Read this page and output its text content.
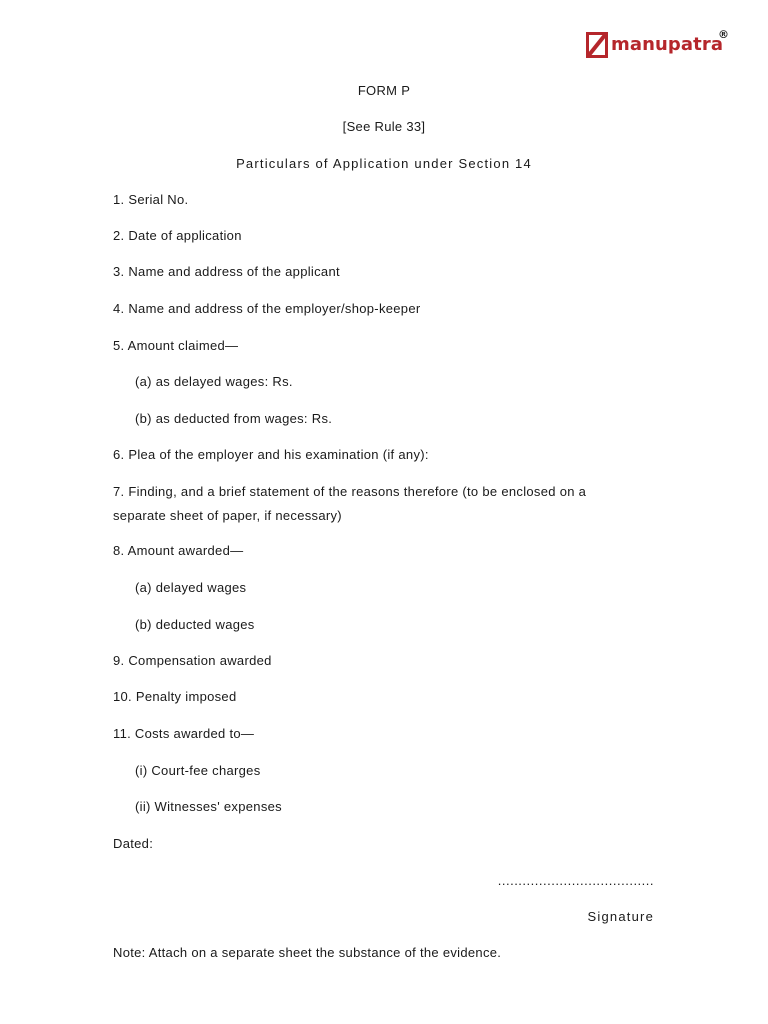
manupatra
®
FORM P
[See Rule 33]
Particulars of Application under Section 14
1. Serial No.
2. Date of application
3. Name and address of the applicant
4. Name and address of the employer/shop-keeper
5. Amount claimed—
(a) as delayed wages: Rs.
(b) as deducted from wages: Rs.
6. Plea of the employer and his examination (if any):
7. Finding, and a brief statement of the reasons therefore (to be enclosed on a
separate sheet of paper, if necessary)
8. Amount awarded—
(a) delayed wages
(b) deducted wages
9. Compensation awarded
10. Penalty imposed
11. Costs awarded to—
(i) Court-fee charges
(ii) Witnesses' expenses
Dated:
......................................
Signature
Note: Attach on a separate sheet the substance of the evidence.
